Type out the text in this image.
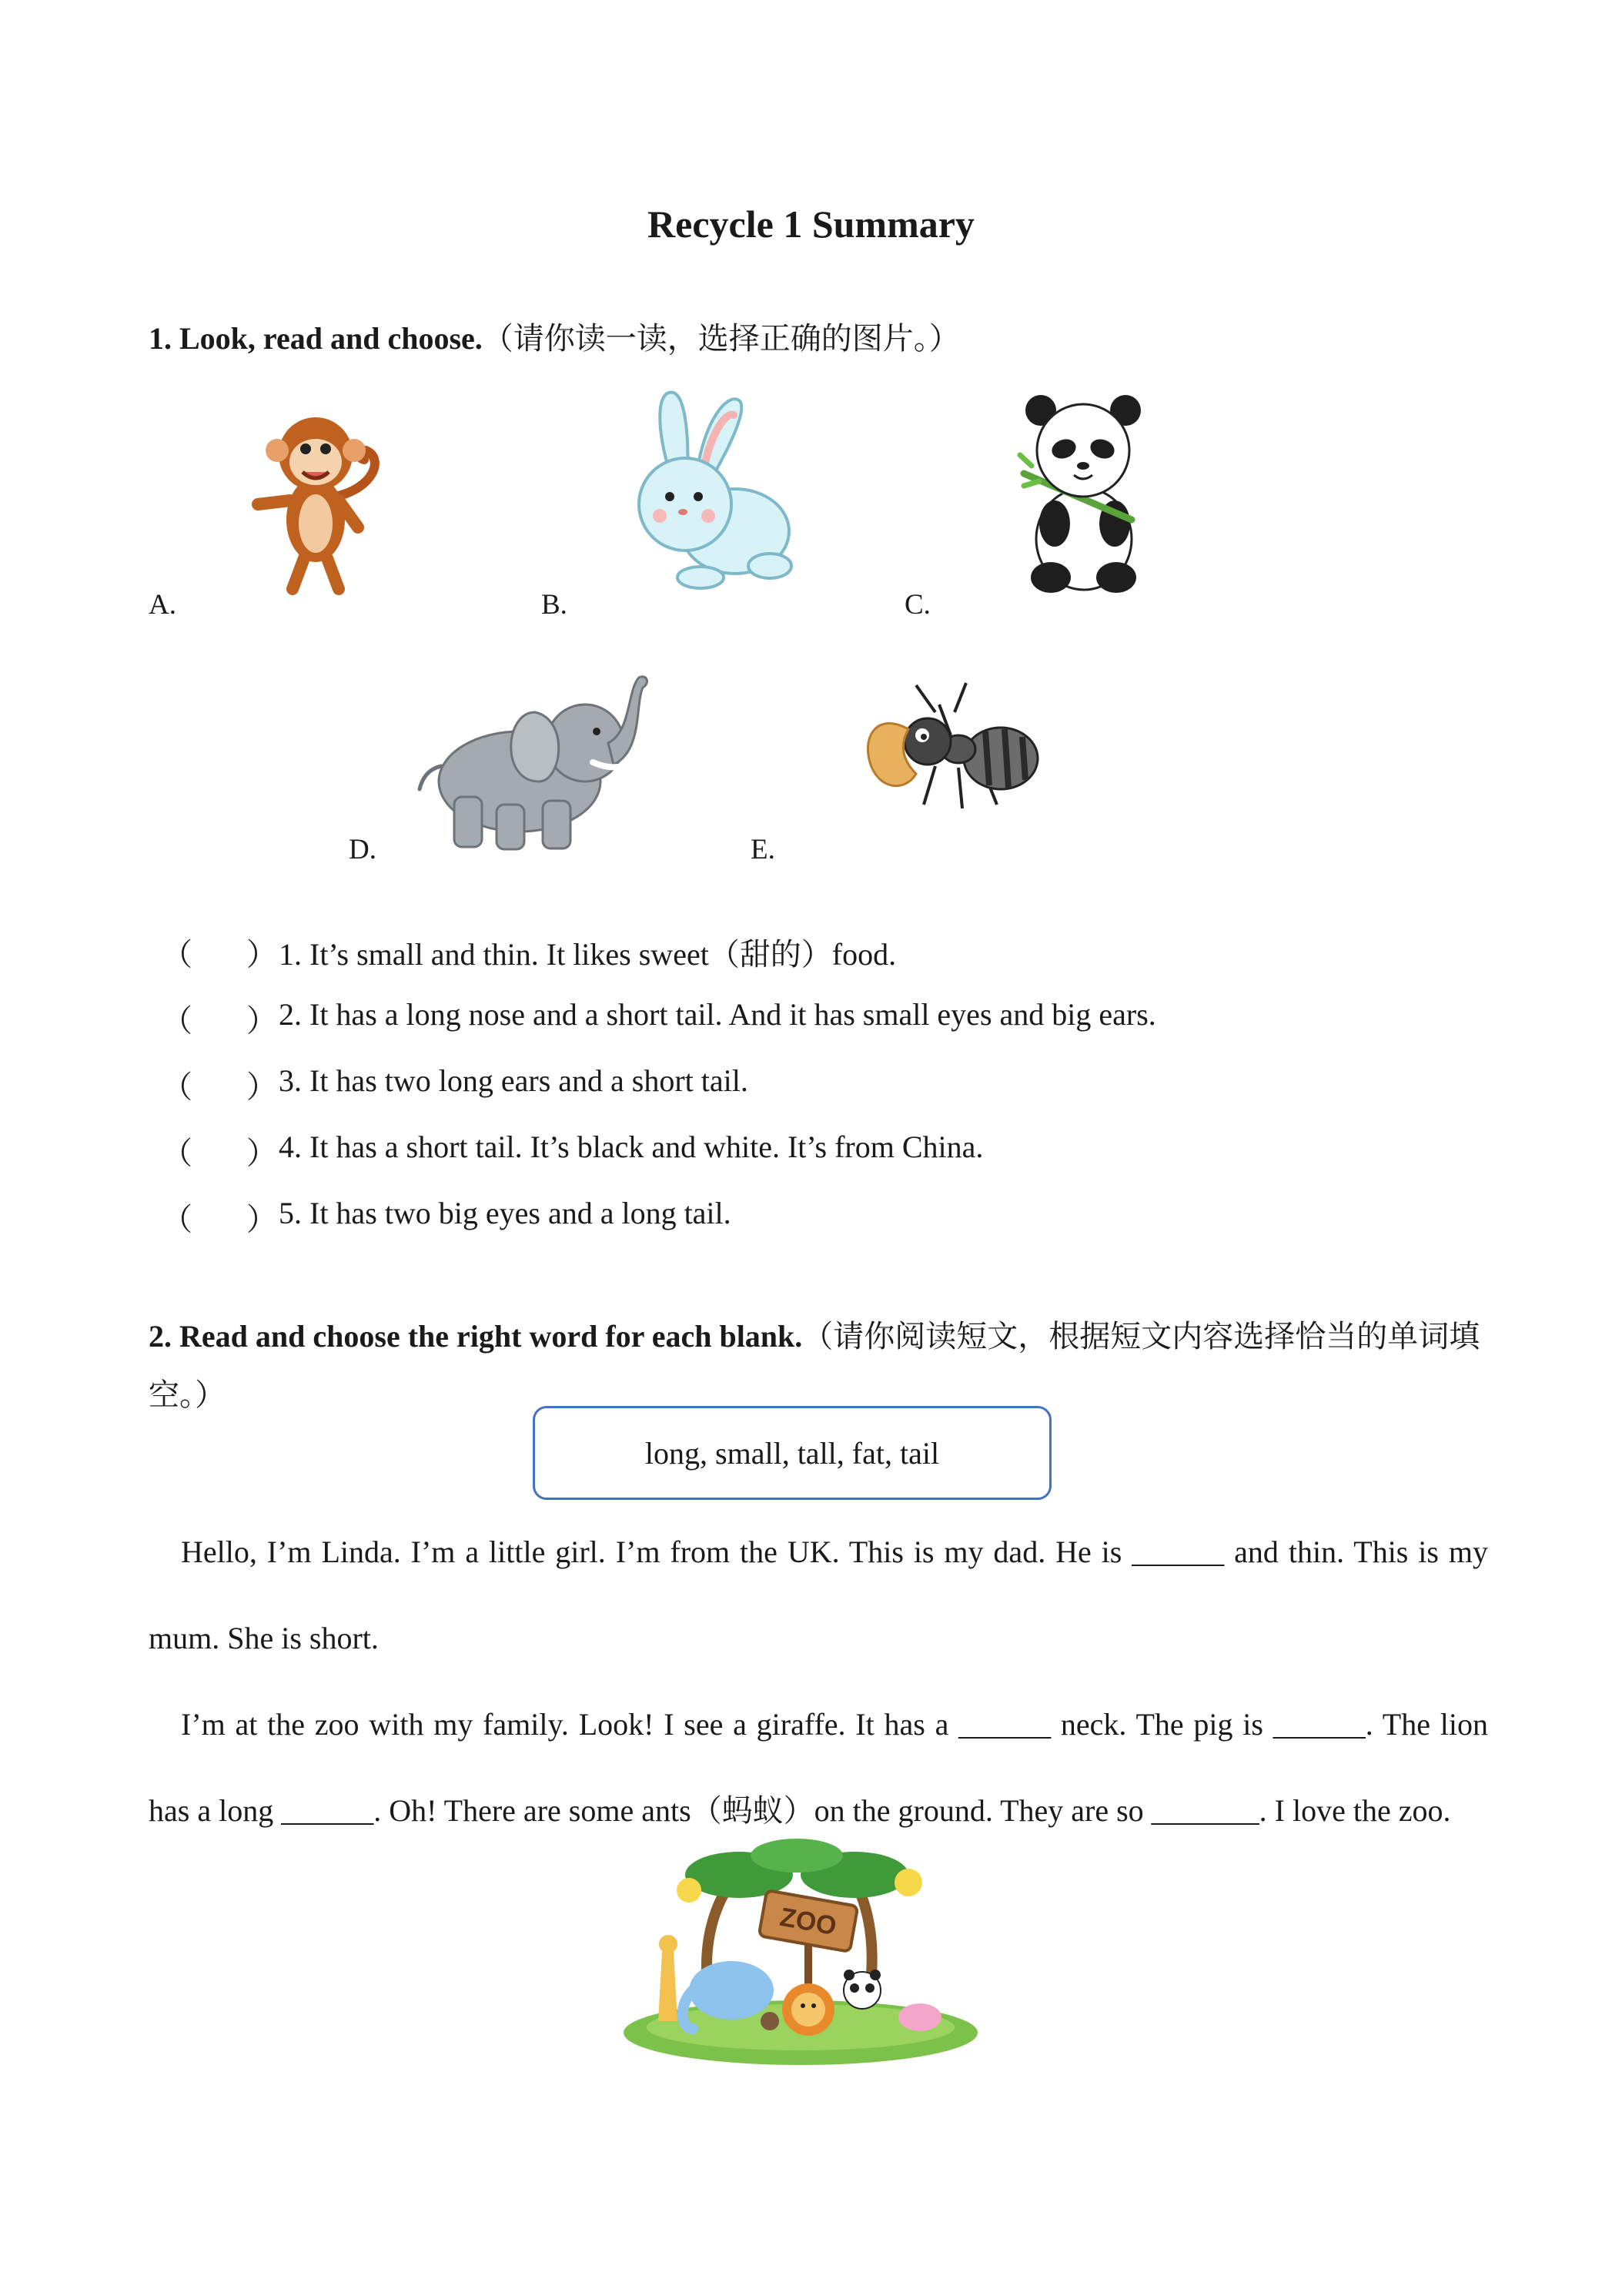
Recycle 1 Summary
1. Look, read and choose.（请你读一读，选择正确的图片。）
A.	B.	C.
D.	E.
（ ） 1. It’s small and thin. It likes sweet（甜的）food.
（ ） 2. It has a long nose and a short tail. And it has small eyes and big ears.
（ ） 3. It has two long ears and a short tail.
（ ） 4. It has a short tail. It’s black and white. It’s from China.
（ ） 5. It has two big eyes and a long tail.
2. Read and choose the right word for each blank.（请你阅读短文，根据短文内容选择恰当的单词填空。）
long, small, tall, fat, tail
Hello, I’m Linda. I’m a little girl. I’m from the UK. This is my dad. He is ______ and thin. This is my mum. She is short.
I’m at the zoo with my family. Look! I see a giraffe. It has a ______ neck. The pig is ______. The lion has a long ______. Oh! There are some ants（蚂蚁）on the ground. They are so _______. I love the zoo.
ZOO
